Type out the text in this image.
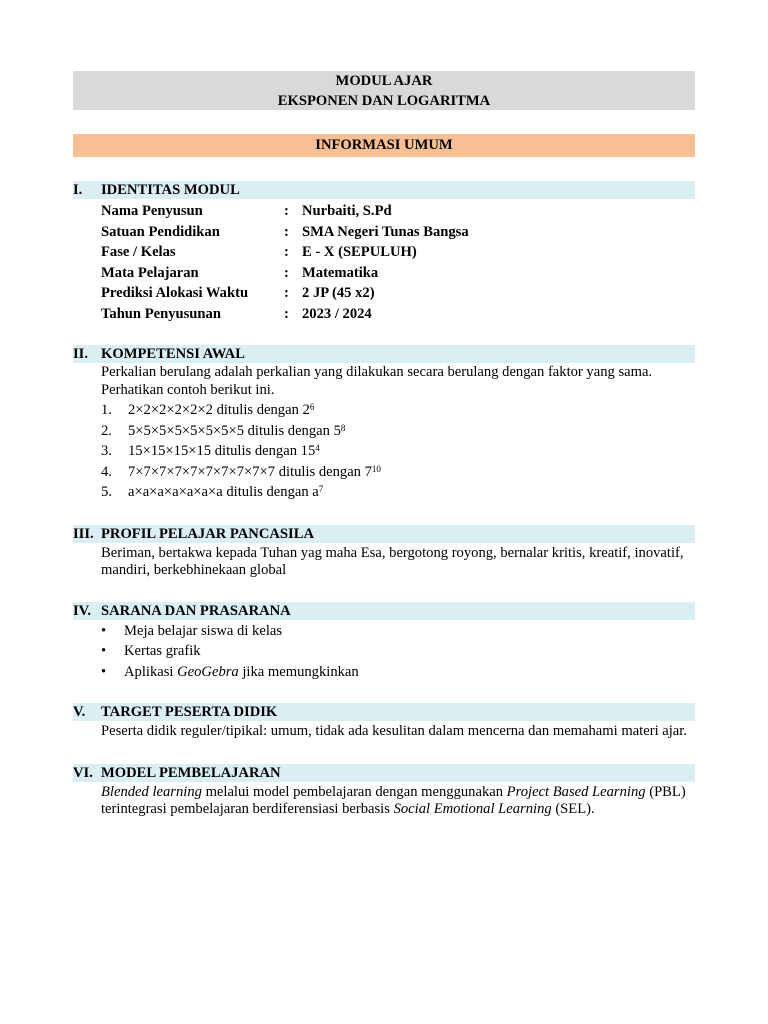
MODUL AJAR
EKSPONEN DAN LOGARITMA
INFORMASI UMUM
I. IDENTITAS MODUL
Nama Penyusun	:	Nurbaiti, S.Pd
Satuan Pendidikan	:	SMA Negeri Tunas Bangsa
Fase / Kelas	:	E - X (SEPULUH)
Mata Pelajaran	:	Matematika
Prediksi Alokasi Waktu	:	2 JP (45 x2)
Tahun Penyusunan	:	2023 / 2024
II. KOMPETENSI AWAL
Perkalian berulang adalah perkalian yang dilakukan secara berulang dengan faktor yang sama. Perhatikan contoh berikut ini.
1. 2×2×2×2×2×2 ditulis dengan $2^6$
2. 5×5×5×5×5×5×5×5 ditulis dengan $5^8$
3. 15×15×15×15 ditulis dengan $15^4$
4. 7×7×7×7×7×7×7×7×7×7 ditulis dengan $7^{10}$
5. a×a×a×a×a×a×a ditulis dengan $a^7$
III. PROFIL PELAJAR PANCASILA
Beriman, bertakwa kepada Tuhan yag maha Esa, bergotong royong, bernalar kritis, kreatif, inovatif, mandiri, berkebhinekaan global
IV. SARANA DAN PRASARANA
• Meja belajar siswa di kelas
• Kertas grafik
• Aplikasi GeoGebra jika memungkinkan
V. TARGET PESERTA DIDIK
Peserta didik reguler/tipikal: umum, tidak ada kesulitan dalam mencerna dan memahami materi ajar.
VI. MODEL PEMBELAJARAN
Blended learning melalui model pembelajaran dengan menggunakan Project Based Learning (PBL) terintegrasi pembelajaran berdiferensiasi berbasis Social Emotional Learning (SEL).
